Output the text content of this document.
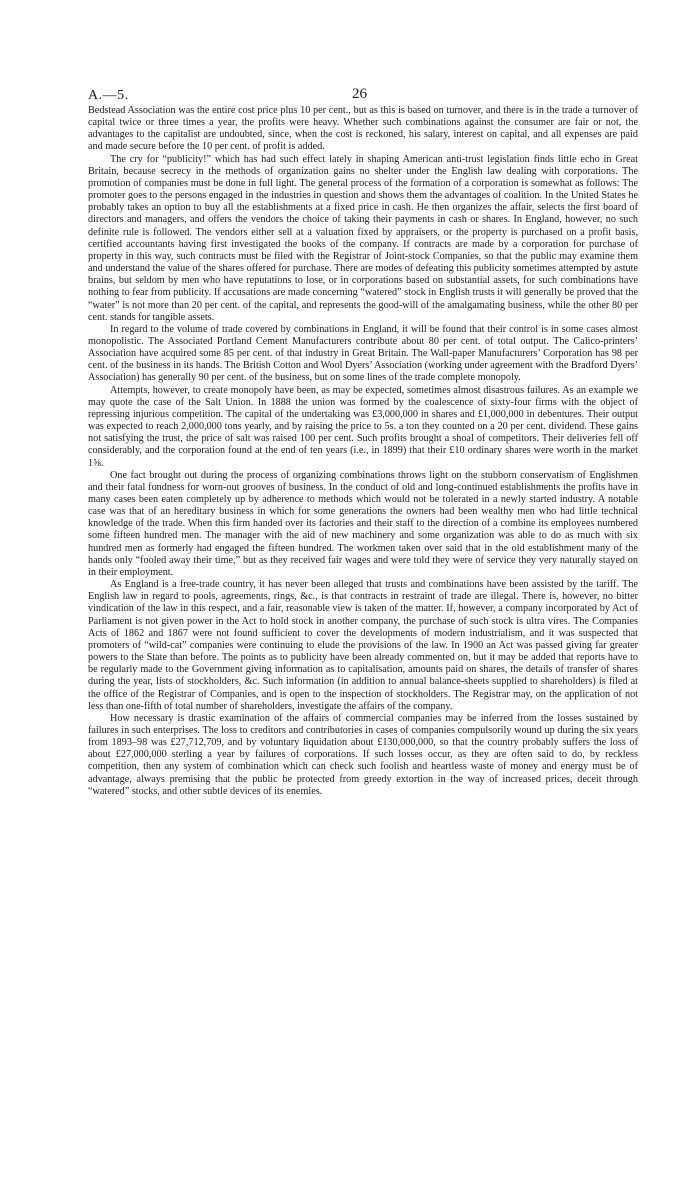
A.—5.	26

Bedstead Association was the entire cost price plus 10 per cent., but as this is based on turnover, and there is in the trade a turnover of capital twice or three times a year, the profits were heavy. Whether such combinations against the consumer are fair or not, the advantages to the capitalist are undoubted, since, when the cost is reckoned, his salary, interest on capital, and all expenses are paid and made secure before the 10 per cent. of profit is added.

The cry for “publicity!” which has had such effect lately in shaping American anti-trust legislation finds little echo in Great Britain, because secrecy in the methods of organization gains no shelter under the English law dealing with corporations. The promotion of companies must be done in full light. The general process of the formation of a corporation is somewhat as follows: The promoter goes to the persons engaged in the industries in question and shows them the advantages of coalition. In the United States he probably takes an option to buy all the establishments at a fixed price in cash. He then organizes the affair, selects the first board of directors and managers, and offers the vendors the choice of taking their payments in cash or shares. In England, however, no such definite rule is followed. The vendors either sell at a valuation fixed by appraisers, or the property is purchased on a profit basis, certified accountants having first investigated the books of the company. If contracts are made by a corporation for purchase of property in this way, such contracts must be filed with the Registrar of Joint-stock Companies, so that the public may examine them and understand the value of the shares offered for purchase. There are modes of defeating this publicity sometimes attempted by astute brains, but seldom by men who have reputations to lose, or in corporations based on substantial assets, for such combinations have nothing to fear from publicity. If accusations are made concerning “watered” stock in English trusts it will generally be proved that the “water” is not more than 20 per cent. of the capital, and represents the good-will of the amalgamating business, while the other 80 per cent. stands for tangible assets.

In regard to the volume of trade covered by combinations in England, it will be found that their control is in some cases almost monopolistic. The Associated Portland Cement Manufacturers contribute about 80 per cent. of total output. The Calico-printers’ Association have acquired some 85 per cent. of that industry in Great Britain. The Wall-paper Manufacturers’ Corporation has 98 per cent. of the business in its hands. The British Cotton and Wool Dyers’ Association (working under agreement with the Bradford Dyers’ Association) has generally 90 per cent. of the business, but on some lines of the trade complete monopoly.

Attempts, however, to create monopoly have been, as may be expected, sometimes almost disastrous failures. As an example we may quote the case of the Salt Union. In 1888 the union was formed by the coalescence of sixty-four firms with the object of repressing injurious competition. The capital of the undertaking was £3,000,000 in shares and £1,000,000 in debentures. Their output was expected to reach 2,000,000 tons yearly, and by raising the price to 5s. a ton they counted on a 20 per cent. dividend. These gains not satisfying the trust, the price of salt was raised 100 per cent. Such profits brought a shoal of competitors. Their deliveries fell off considerably, and the corporation found at the end of ten years (i.e., in 1899) that their £10 ordinary shares were worth in the market 1⅝.

One fact brought out during the process of organizing combinations throws light on the stubborn conservatism of Englishmen and their fatal fondness for worn-out grooves of business. In the conduct of old and long-continued establishments the profits have in many cases been eaten completely up by adherence to methods which would not be tolerated in a newly started industry. A notable case was that of an hereditary business in which for some generations the owners had been wealthy men who had little technical knowledge of the trade. When this firm handed over its factories and their staff to the direction of a combine its employees numbered some fifteen hundred men. The manager with the aid of new machinery and some organization was able to do as much with six hundred men as formerly had engaged the fifteen hundred. The workmen taken over said that in the old establishment many of the hands only “fooled away their time,” but as they received fair wages and were told they were of service they very naturally stayed on in their employment.

As England is a free-trade country, it has never been alleged that trusts and combinations have been assisted by the tariff. The English law in regard to pools, agreements, rings, &c., is that contracts in restraint of trade are illegal. There is, however, no bitter vindication of the law in this respect, and a fair, reasonable view is taken of the matter. If, however, a company incorporated by Act of Parliament is not given power in the Act to hold stock in another company, the purchase of such stock is ultra vires. The Companies Acts of 1862 and 1867 were not found sufficient to cover the developments of modern industrialism, and it was suspected that promoters of “wild-cat” companies were continuing to elude the provisions of the law. In 1900 an Act was passed giving far greater powers to the State than before. The points as to publicity have been already commented on, but it may be added that reports have to be regularly made to the Government giving information as to capitalisation, amounts paid on shares, the details of transfer of shares during the year, lists of stockholders, &c. Such information (in addition to annual balance-sheets supplied to shareholders) is filed at the office of the Registrar of Companies, and is open to the inspection of stockholders. The Registrar may, on the application of not less than one-fifth of total number of shareholders, investigate the affairs of the company.

How necessary is drastic examination of the affairs of commercial companies may be inferred from the losses sustained by failures in such enterprises. The loss to creditors and contributories in cases of companies compulsorily wound up during the six years from 1893–98 was £27,712,709, and by voluntary liquidation about £130,000,000, so that the country probably suffers the loss of about £27,000,000 sterling a year by failures of corporations. If such losses occur, as they are often said to do, by reckless competition, then any system of combination which can check such foolish and heartless waste of money and energy must be of advantage, always premising that the public be protected from greedy extortion in the way of increased prices, deceit through “watered” stocks, and other subtle devices of its enemies.
